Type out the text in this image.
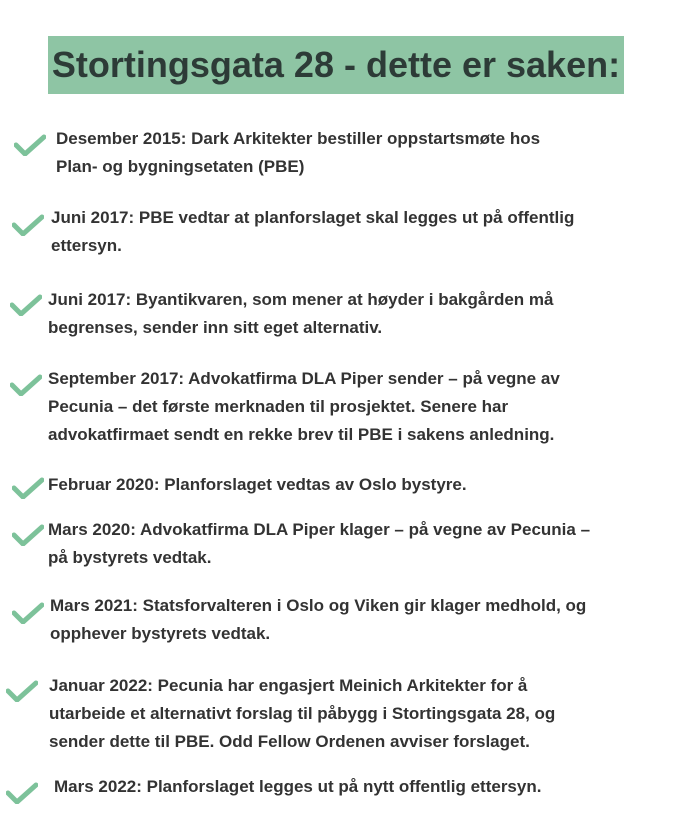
Stortingsgata 28 - dette er saken:
Desember 2015: Dark Arkitekter bestiller oppstartsmøte hos
Plan- og bygningsetaten (PBE)
Juni 2017: PBE vedtar at planforslaget skal legges ut på offentlig
ettersyn.
Juni 2017: Byantikvaren, som mener at høyder i bakgården må
begrenses, sender inn sitt eget alternativ.
September 2017: Advokatfirma DLA Piper sender – på vegne av
Pecunia – det første merknaden til prosjektet. Senere har
advokatfirmaet sendt en rekke brev til PBE i sakens anledning.
Februar 2020: Planforslaget vedtas av Oslo bystyre.
Mars 2020: Advokatfirma DLA Piper klager – på vegne av Pecunia –
på bystyrets vedtak.
Mars 2021: Statsforvalteren i Oslo og Viken gir klager medhold, og
opphever bystyrets vedtak.
Januar 2022: Pecunia har engasjert Meinich Arkitekter for å
utarbeide et alternativt forslag til påbygg i Stortingsgata 28, og
sender dette til PBE. Odd Fellow Ordenen avviser forslaget.
Mars 2022: Planforslaget legges ut på nytt offentlig ettersyn.
